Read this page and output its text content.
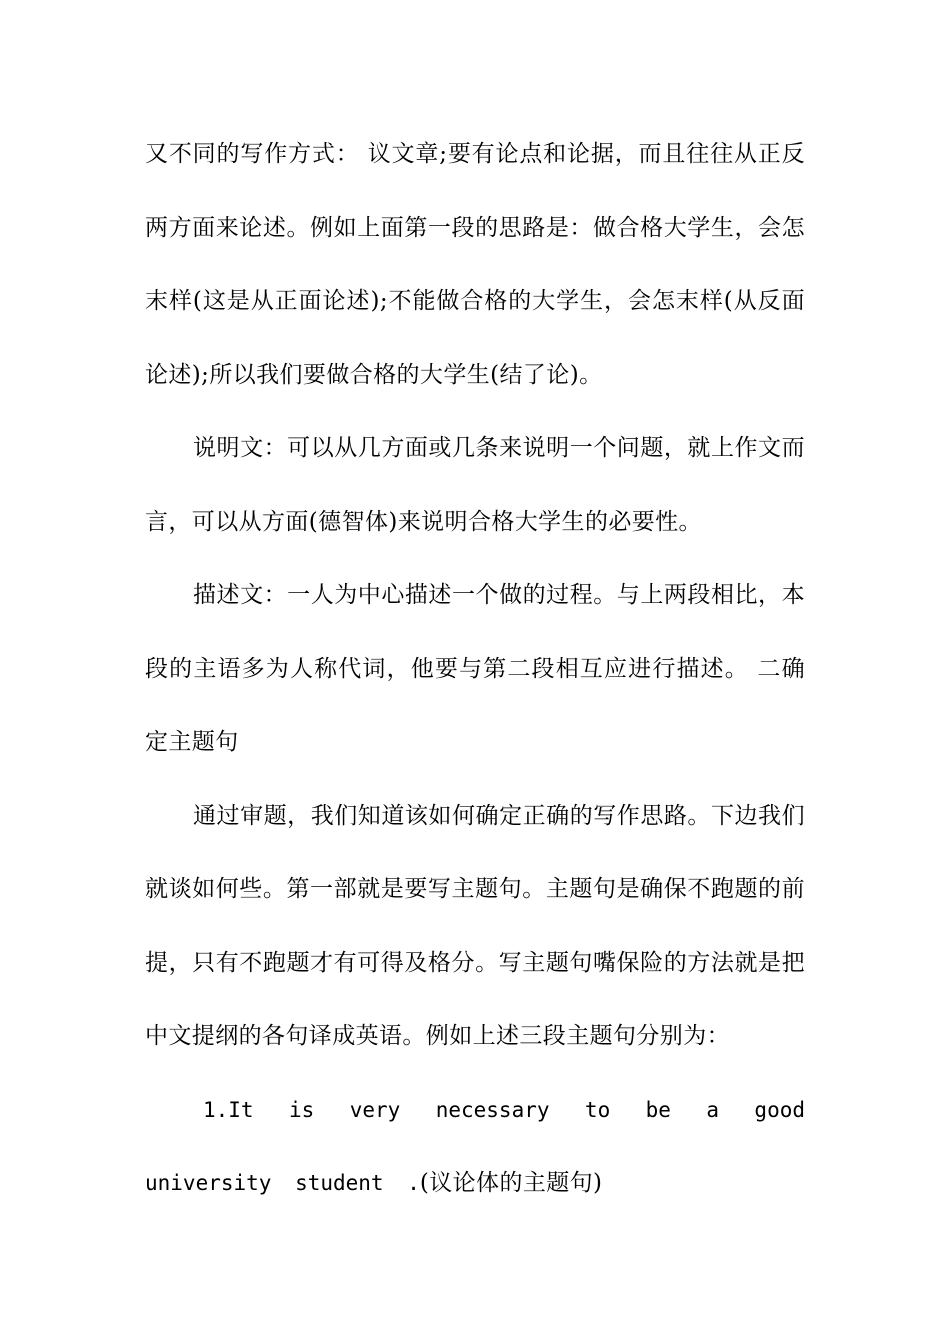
又不同的写作方式： 议文章;要有论点和论据，而且往往从正反两方面来论述。例如上面第一段的思路是：做合格大学生，会怎末样(这是从正面论述);不能做合格的大学生，会怎末样(从反面论述);所以我们要做合格的大学生(结了论)。

说明文：可以从几方面或几条来说明一个问题，就上作文而言，可以从方面(德智体)来说明合格大学生的必要性。

描述文：一人为中心描述一个做的过程。与上两段相比，本段的主语多为人称代词，他要与第二段相互应进行描述。 二确定主题句

通过审题，我们知道该如何确定正确的写作思路。下边我们就谈如何些。第一部就是要写主题句。主题句是确保不跑题的前提，只有不跑题才有可得及格分。写主题句嘴保险的方法就是把中文提纲的各句译成英语。例如上述三段主题句分别为：

1.It is very necessary to be a good university student .(议论体的主题句)
